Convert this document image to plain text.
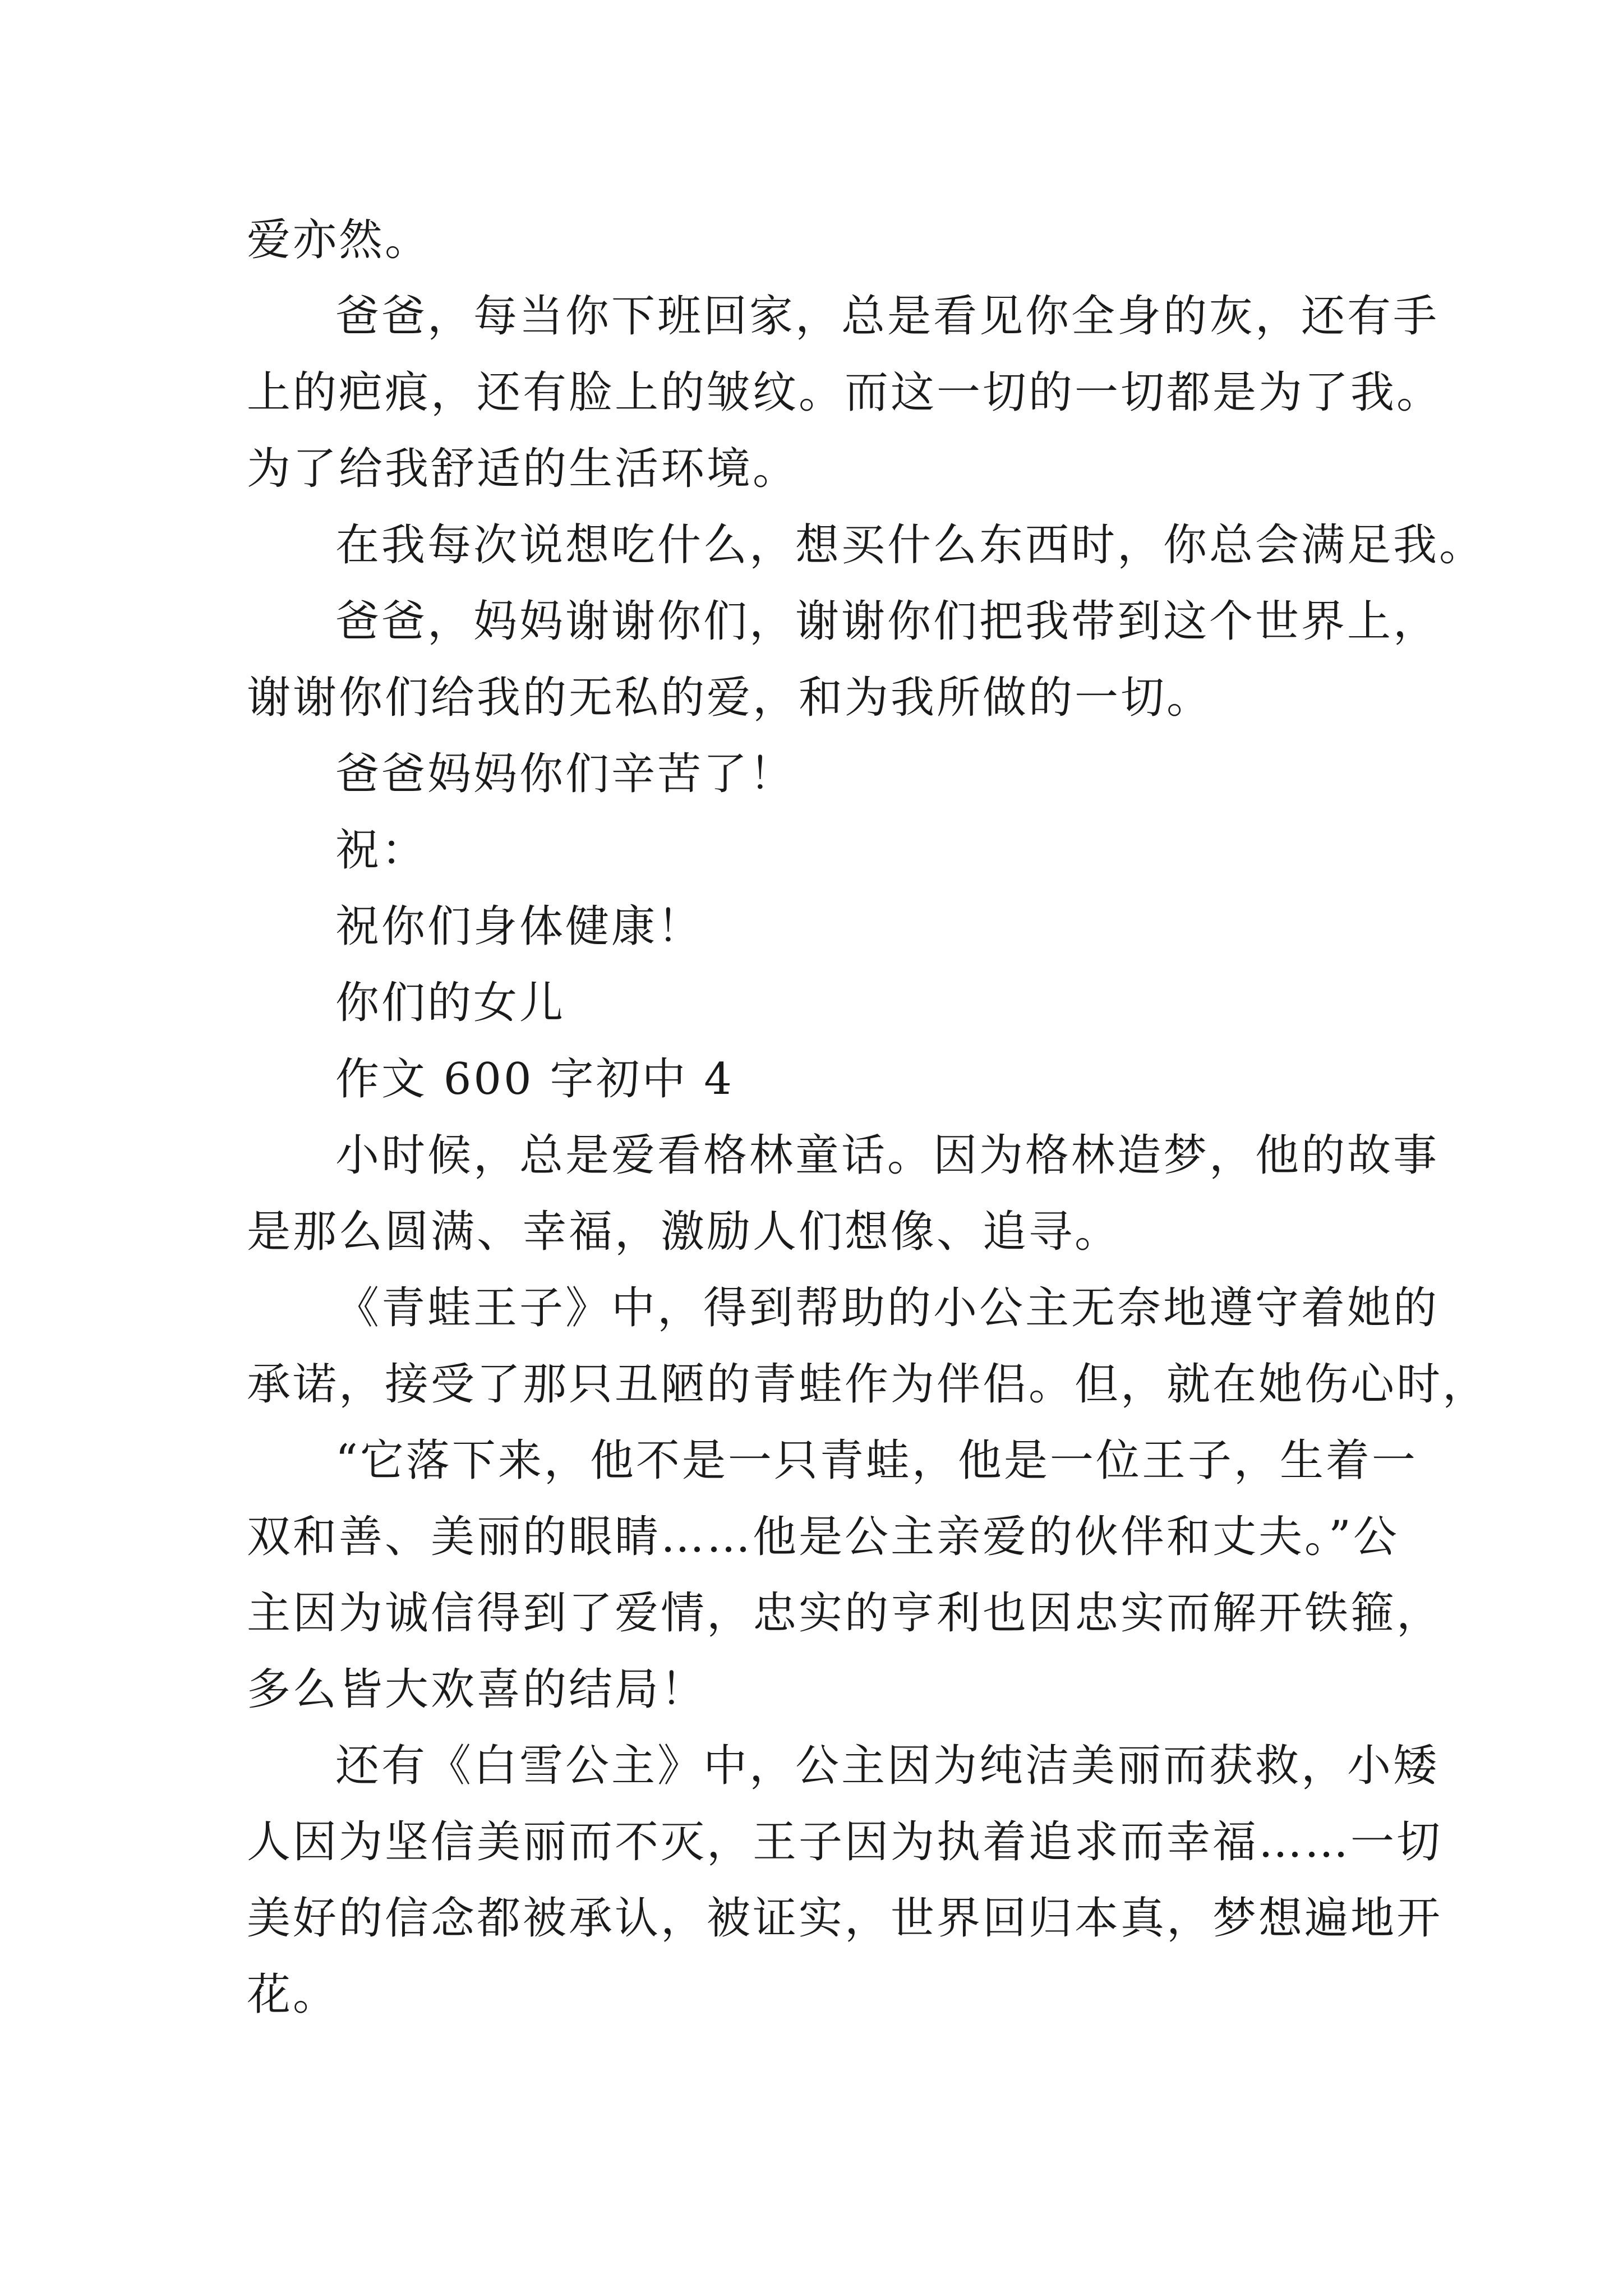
爱亦然。

爸爸，每当你下班回家，总是看见你全身的灰，还有手
上的疤痕，还有脸上的皱纹。而这一切的一切都是为了我。
为了给我舒适的生活环境。

在我每次说想吃什么，想买什么东西时，你总会满足我。

爸爸，妈妈谢谢你们，谢谢你们把我带到这个世界上，
谢谢你们给我的无私的爱，和为我所做的一切。

爸爸妈妈你们辛苦了！

祝：

祝你们身体健康！

你们的女儿

作文 600 字初中 4

小时候，总是爱看格林童话。因为格林造梦，他的故事
是那么圆满、幸福，激励人们想像、追寻。

《青蛙王子》中，得到帮助的小公主无奈地遵守着她的
承诺，接受了那只丑陋的青蛙作为伴侣。但，就在她伤心时，

“它落下来，他不是一只青蛙，他是一位王子，生着一
双和善、美丽的眼睛……他是公主亲爱的伙伴和丈夫。”公
主因为诚信得到了爱情，忠实的亨利也因忠实而解开铁箍，
多么皆大欢喜的结局！

还有《白雪公主》中，公主因为纯洁美丽而获救，小矮
人因为坚信美丽而不灭，王子因为执着追求而幸福……一切
美好的信念都被承认，被证实，世界回归本真，梦想遍地开
花。
